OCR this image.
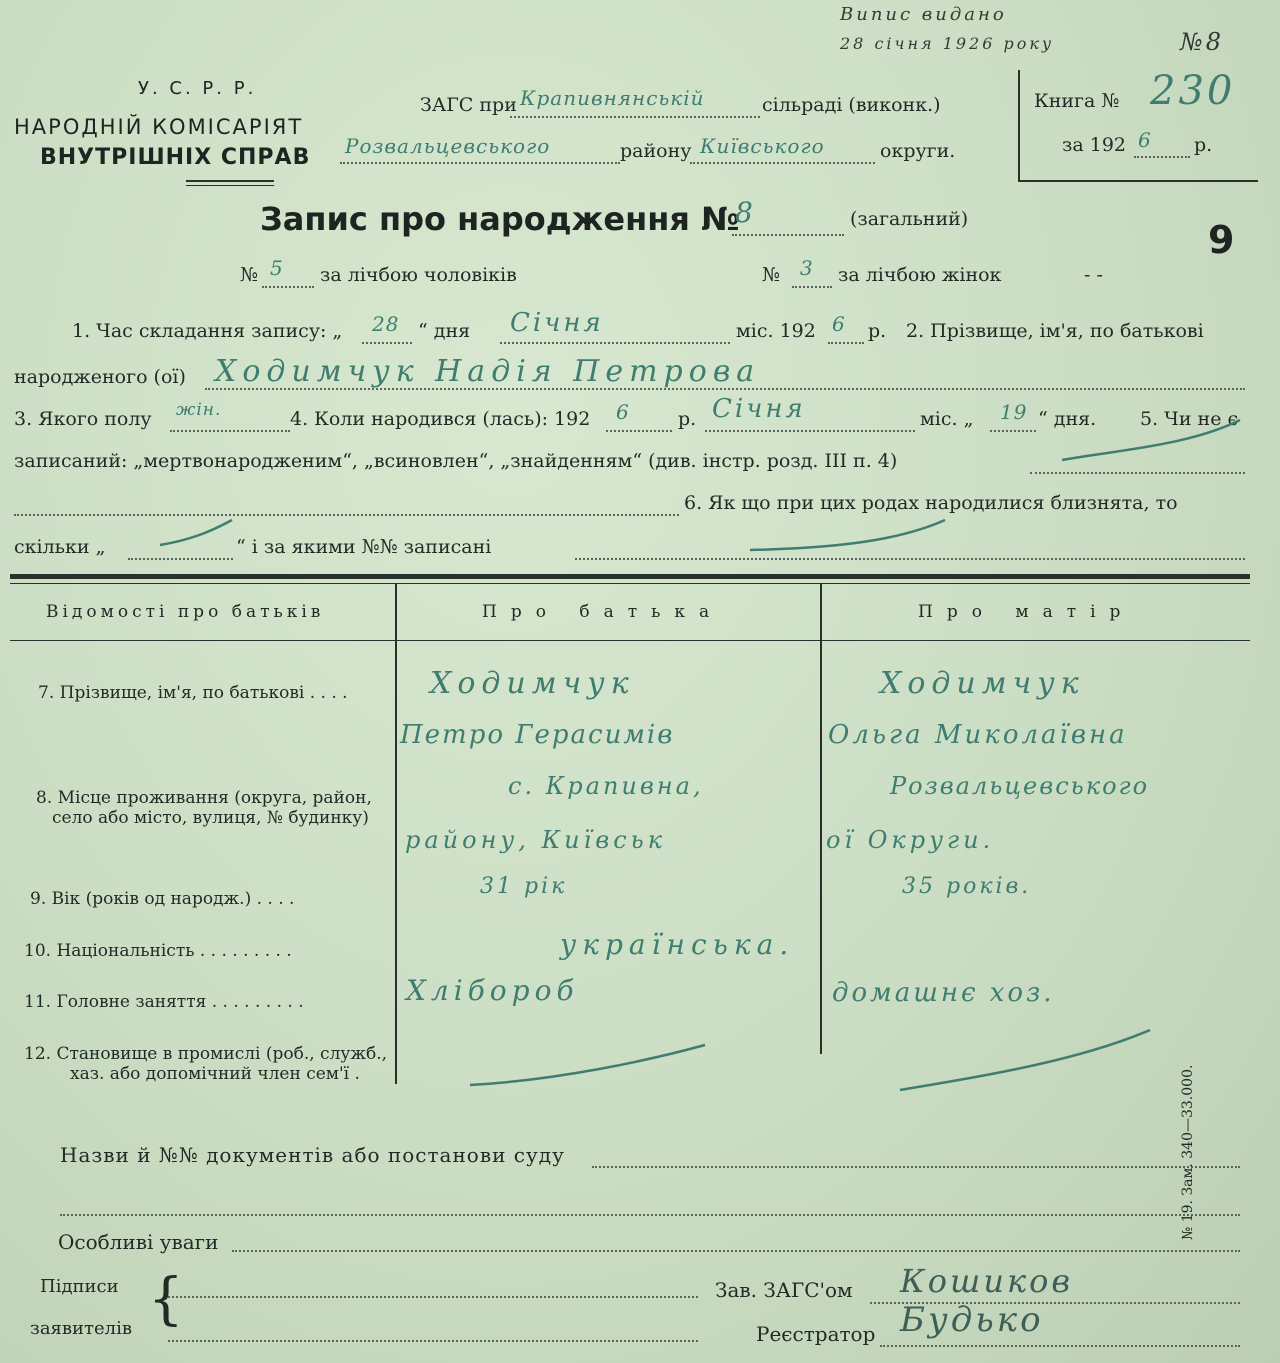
У. С. Р. Р.
НАРОДНІЙ КОМІСАРІЯТ
ВНУТРІШНІХ СПРАВ
ЗАГС при Крапивнянській	сільраді (виконк.)
Розвальцевського	району Київського	округи.
Книга № 230
за 192 6 р.
Випис видано
28 січня 1926 року	№8
9
Запис про народження №
8	(загальний)
№ 5 за лічбою чоловіків	№ 3 за лічбою жінок	- -
1. Час складання запису: „ 28 “ дня Січня	міс. 192 6 р. 2. Прізвище, ім'я, по батькові
народженого (ої) Ходимчук Надія Петрова
3. Якого полу жін.	4. Коли народився (лась): 192 6	р. Січня	міс. „ 19 “ дня. 5. Чи не є
записаний: „мертвонародженим“, „всиновлен“, „знайденням“ (див. інстр. розд. III п. 4)
6. Як що при цих родах народилися близнята, то
скільки „	“ і за якими №№ записані
Відомості про батьків	Про батька	Про матір
7. Прізвище, ім'я, по батькові . . . .	Ходимчук	Ходимчук
Петро Герасимів	Ольга Миколаївна
8. Місце проживання (округа, район,
село або місто, вулиця, № будинку)
с. Крапивна,	Розвальцевського
району, Київськ	ої Округи.
9. Вік (років од народж.) . . . .	31 рік	35 років.
10. Національність . . . . . . . . .	українська.
11. Головне заняття . . . . . . . . .	Хлібороб	домашнє хоз.
12. Становище в промислі (роб., служб.,
хаз. або допомічний член сем'ї .
Назви й №№ документів або постанови суду
Особливі уваги
Підписи
заявителів {	Зав. ЗАГС'ом Кошиков
Реєстратор Будько
№ 19. Зам. 340—33.000.
